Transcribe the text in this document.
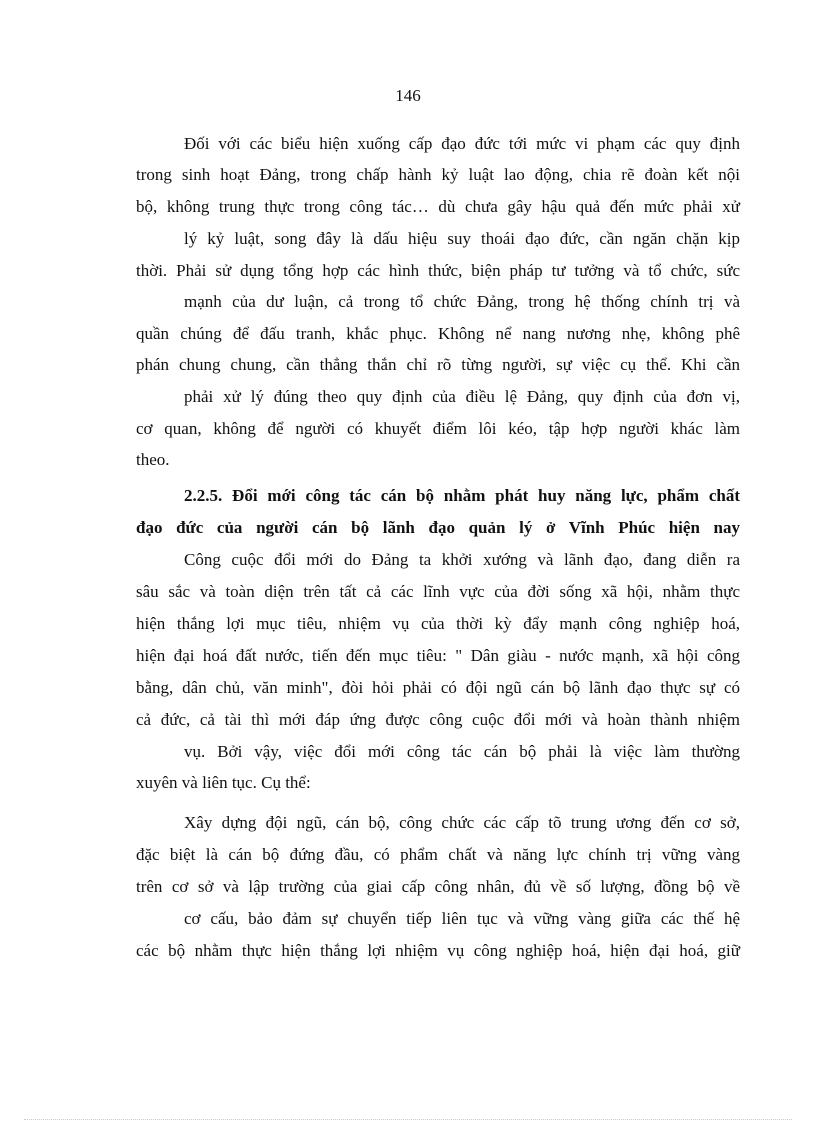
146
Đối với các biểu hiện xuống cấp đạo đức tới mức vi phạm các quy định
trong sinh hoạt Đảng, trong chấp hành kỷ luật lao động, chia rẽ đoàn kết nội
bộ, không trung thực trong công tác… dù chưa gây hậu quả đến mức phải xử
lý kỷ luật, song đây là dấu hiệu suy thoái đạo đức, cần ngăn chặn kịp
thời. Phải sử dụng tổng hợp các hình thức, biện pháp tư tưởng và tổ chức, sức
mạnh của dư luận, cả trong tổ chức Đảng, trong hệ thống chính trị và
quần chúng để đấu tranh, khắc phục. Không nể nang nương nhẹ, không phê
phán chung chung, cần thẳng thắn chỉ rõ từng người, sự việc cụ thể. Khi cần
phải xử lý đúng theo quy định của điều lệ Đảng, quy định của đơn vị,
cơ quan, không để người có khuyết điểm lôi kéo, tập hợp người khác làm
theo.
2.2.5. Đổi mới công tác cán bộ nhằm phát huy năng lực, phẩm chất
đạo đức của người cán bộ lãnh đạo quản lý ở Vĩnh Phúc hiện nay
Công cuộc đổi mới do Đảng ta khởi xướng và lãnh đạo, đang diễn ra
sâu sắc và toàn diện trên tất cả các lĩnh vực của đời sống xã hội, nhằm thực
hiện thắng lợi mục tiêu, nhiệm vụ của thời kỳ đẩy mạnh công nghiệp hoá,
hiện đại hoá đất nước, tiến đến mục tiêu: " Dân giàu - nước mạnh, xã hội công
bằng, dân chủ, văn minh", đòi hỏi phải có đội ngũ cán bộ lãnh đạo thực sự có
cả đức, cả tài thì mới đáp ứng được công cuộc đổi mới và hoàn thành nhiệm
vụ. Bởi vậy, việc đổi mới công tác cán bộ phải là việc làm thường
xuyên và liên tục. Cụ thể:
Xây dựng đội ngũ, cán bộ, công chức các cấp tõ trung ương đến cơ sở,
đặc biệt là cán bộ đứng đầu, có phẩm chất và năng lực chính trị vững vàng
trên cơ sở và lập trường của giai cấp công nhân, đủ về số lượng, đồng bộ về
cơ cấu, bảo đảm sự chuyển tiếp liên tục và vững vàng giữa các thế hệ
các bộ nhằm thực hiện thắng lợi nhiệm vụ công nghiệp hoá, hiện đại hoá, giữ
